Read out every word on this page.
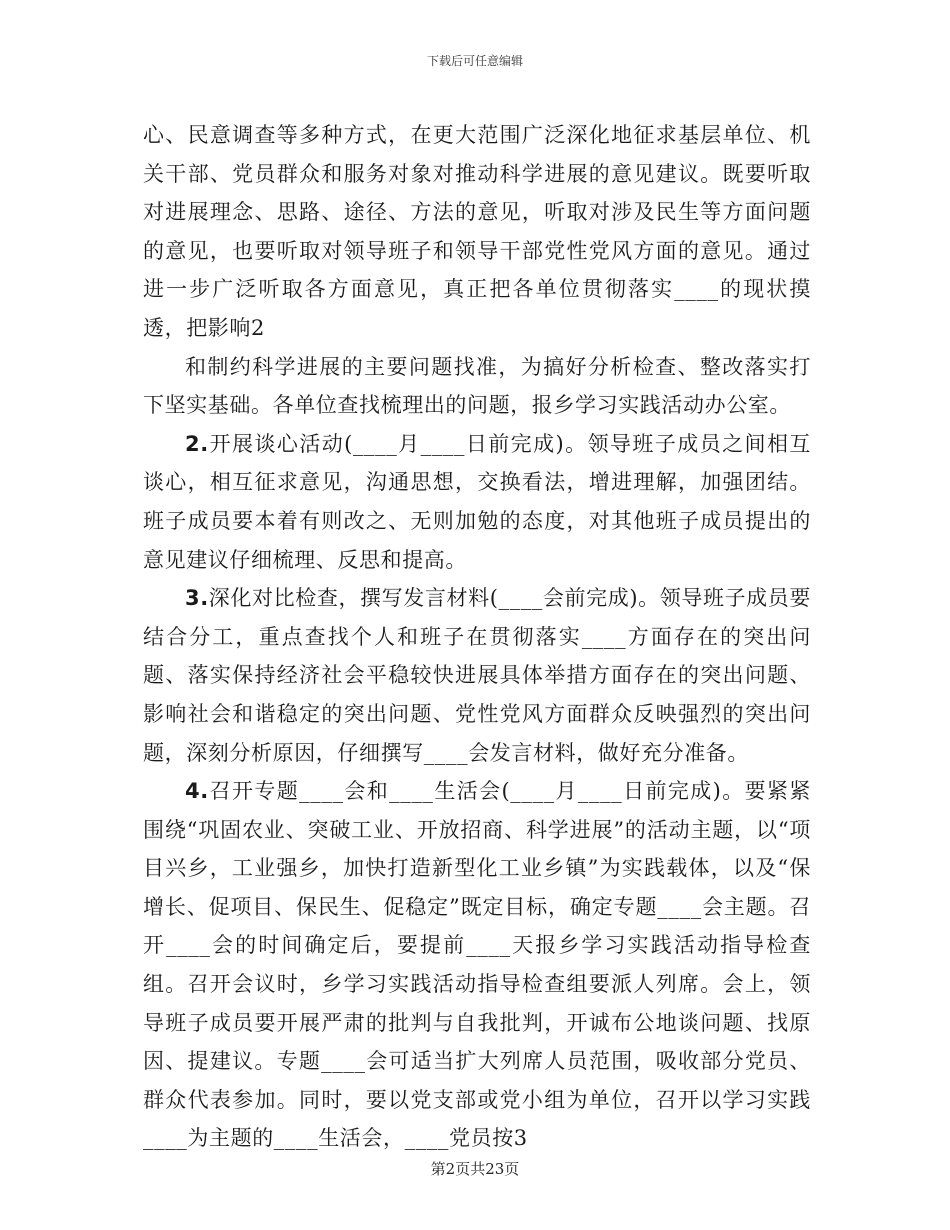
下载后可任意编辑

心、民意调查等多种方式，在更大范围广泛深化地征求基层单位、机关干部、党员群众和服务对象对推动科学进展的意见建议。既要听取对进展理念、思路、途径、方法的意见，听取对涉及民生等方面问题的意见，也要听取对领导班子和领导干部党性党风方面的意见。通过进一步广泛听取各方面意见，真正把各单位贯彻落实____的现状摸透，把影响2

和制约科学进展的主要问题找准，为搞好分析检查、整改落实打下坚实基础。各单位查找梳理出的问题，报乡学习实践活动办公室。

2.开展谈心活动(____月____日前完成)。领导班子成员之间相互谈心，相互征求意见，沟通思想，交换看法，增进理解，加强团结。班子成员要本着有则改之、无则加勉的态度，对其他班子成员提出的意见建议仔细梳理、反思和提高。

3.深化对比检查，撰写发言材料(____会前完成)。领导班子成员要结合分工，重点查找个人和班子在贯彻落实____方面存在的突出问题、落实保持经济社会平稳较快进展具体举措方面存在的突出问题、影响社会和谐稳定的突出问题、党性党风方面群众反映强烈的突出问题，深刻分析原因，仔细撰写____会发言材料，做好充分准备。

4.召开专题____会和____生活会(____月____日前完成)。要紧紧围绕“巩固农业、突破工业、开放招商、科学进展”的活动主题，以“项目兴乡，工业强乡，加快打造新型化工业乡镇”为实践载体，以及“保增长、促项目、保民生、促稳定”既定目标，确定专题____会主题。召开____会的时间确定后，要提前____天报乡学习实践活动指导检查组。召开会议时，乡学习实践活动指导检查组要派人列席。会上，领导班子成员要开展严肃的批判与自我批判，开诚布公地谈问题、找原因、提建议。专题____会可适当扩大列席人员范围，吸收部分党员、群众代表参加。同时，要以党支部或党小组为单位，召开以学习实践____为主题的____生活会，____党员按3

第2页共23页
